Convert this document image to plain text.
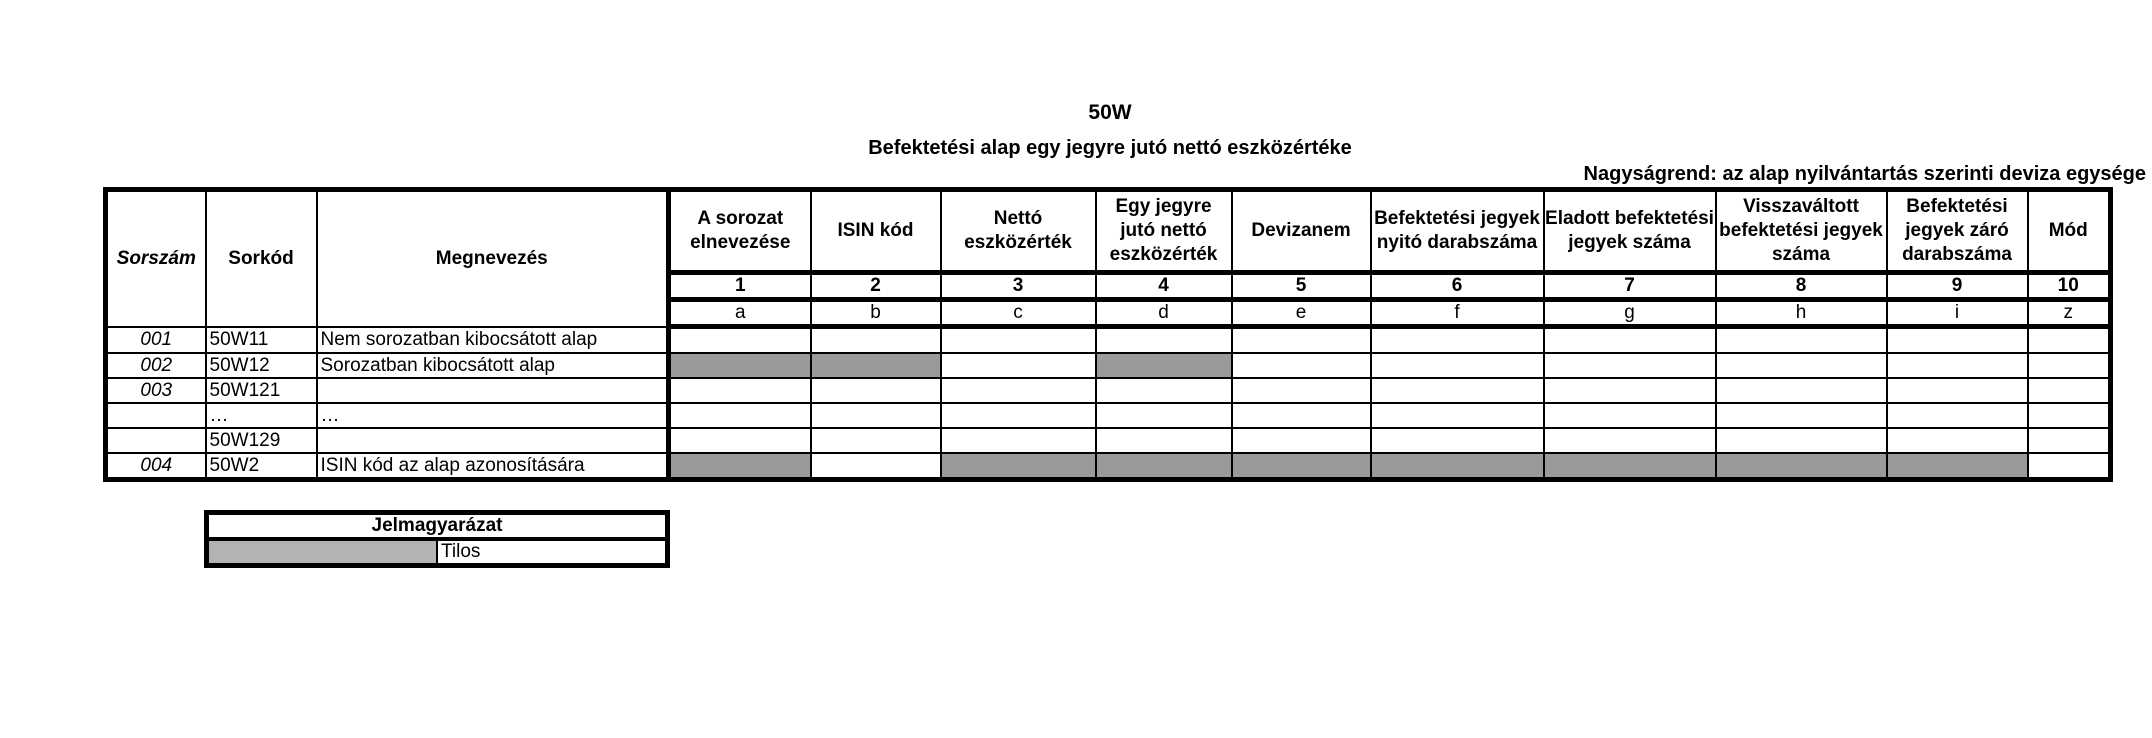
50W
Befektetési alap egy jegyre jutó nettó eszközértéke
Nagyságrend: az alap nyilvántartás szerinti deviza egysége
Sorszám	Sorkód	Megnevezés	A sorozat elnevezése	ISIN kód	Nettó eszközérték	Egy jegyre jutó nettó eszközérték	Devizanem	Befektetési jegyek nyitó darabszáma	Eladott befektetési jegyek száma	Visszaváltott befektetési jegyek száma	Befektetési jegyek záró darabszáma	Mód
			1	2	3	4	5	6	7	8	9	10
			a	b	c	d	e	f	g	h	i	z
001	50W11	Nem sorozatban kibocsátott alap										
002	50W12	Sorozatban kibocsátott alap										
003	50W121											
	…	…										
	50W129											
004	50W2	ISIN kód az alap azonosítására										
Jelmagyarázat
	Tilos
